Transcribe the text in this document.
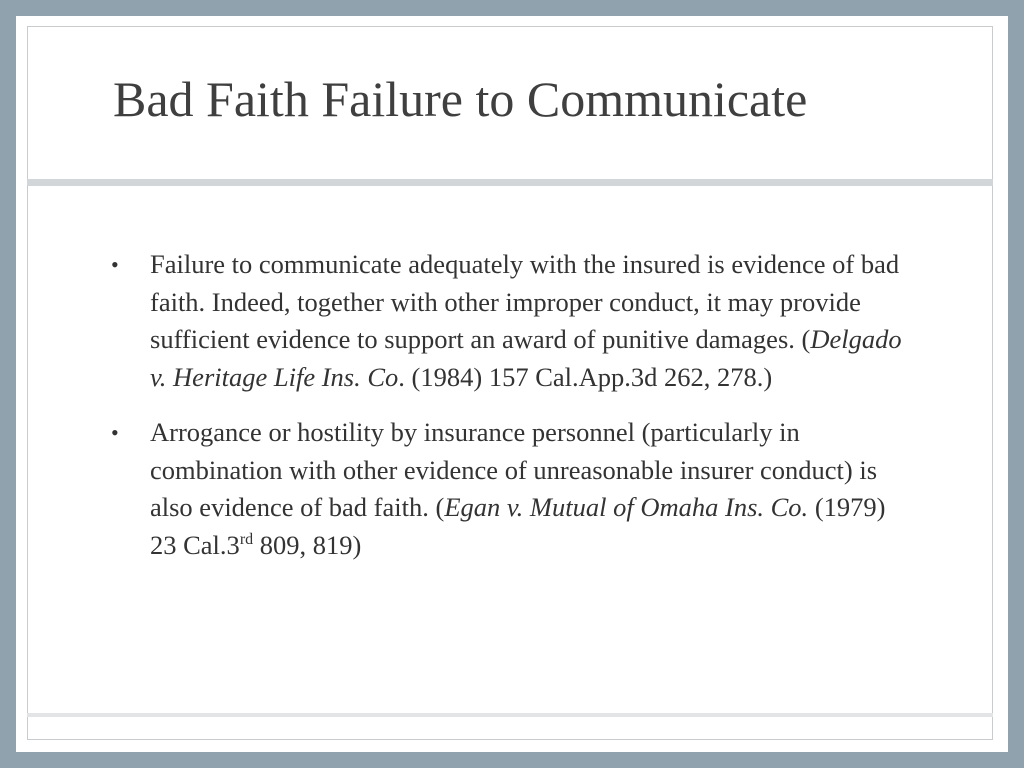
Bad Faith Failure to Communicate
• Failure to communicate adequately with the insured is evidence of bad faith. Indeed, together with other improper conduct, it may provide sufficient evidence to support an award of punitive damages. (Delgado v. Heritage Life Ins. Co. (1984) 157 Cal.App.3d 262, 278.)
• Arrogance or hostility by insurance personnel (particularly in combination with other evidence of unreasonable insurer conduct) is also evidence of bad faith. (Egan v. Mutual of Omaha Ins. Co. (1979) 23 Cal.3rd 809, 819)
